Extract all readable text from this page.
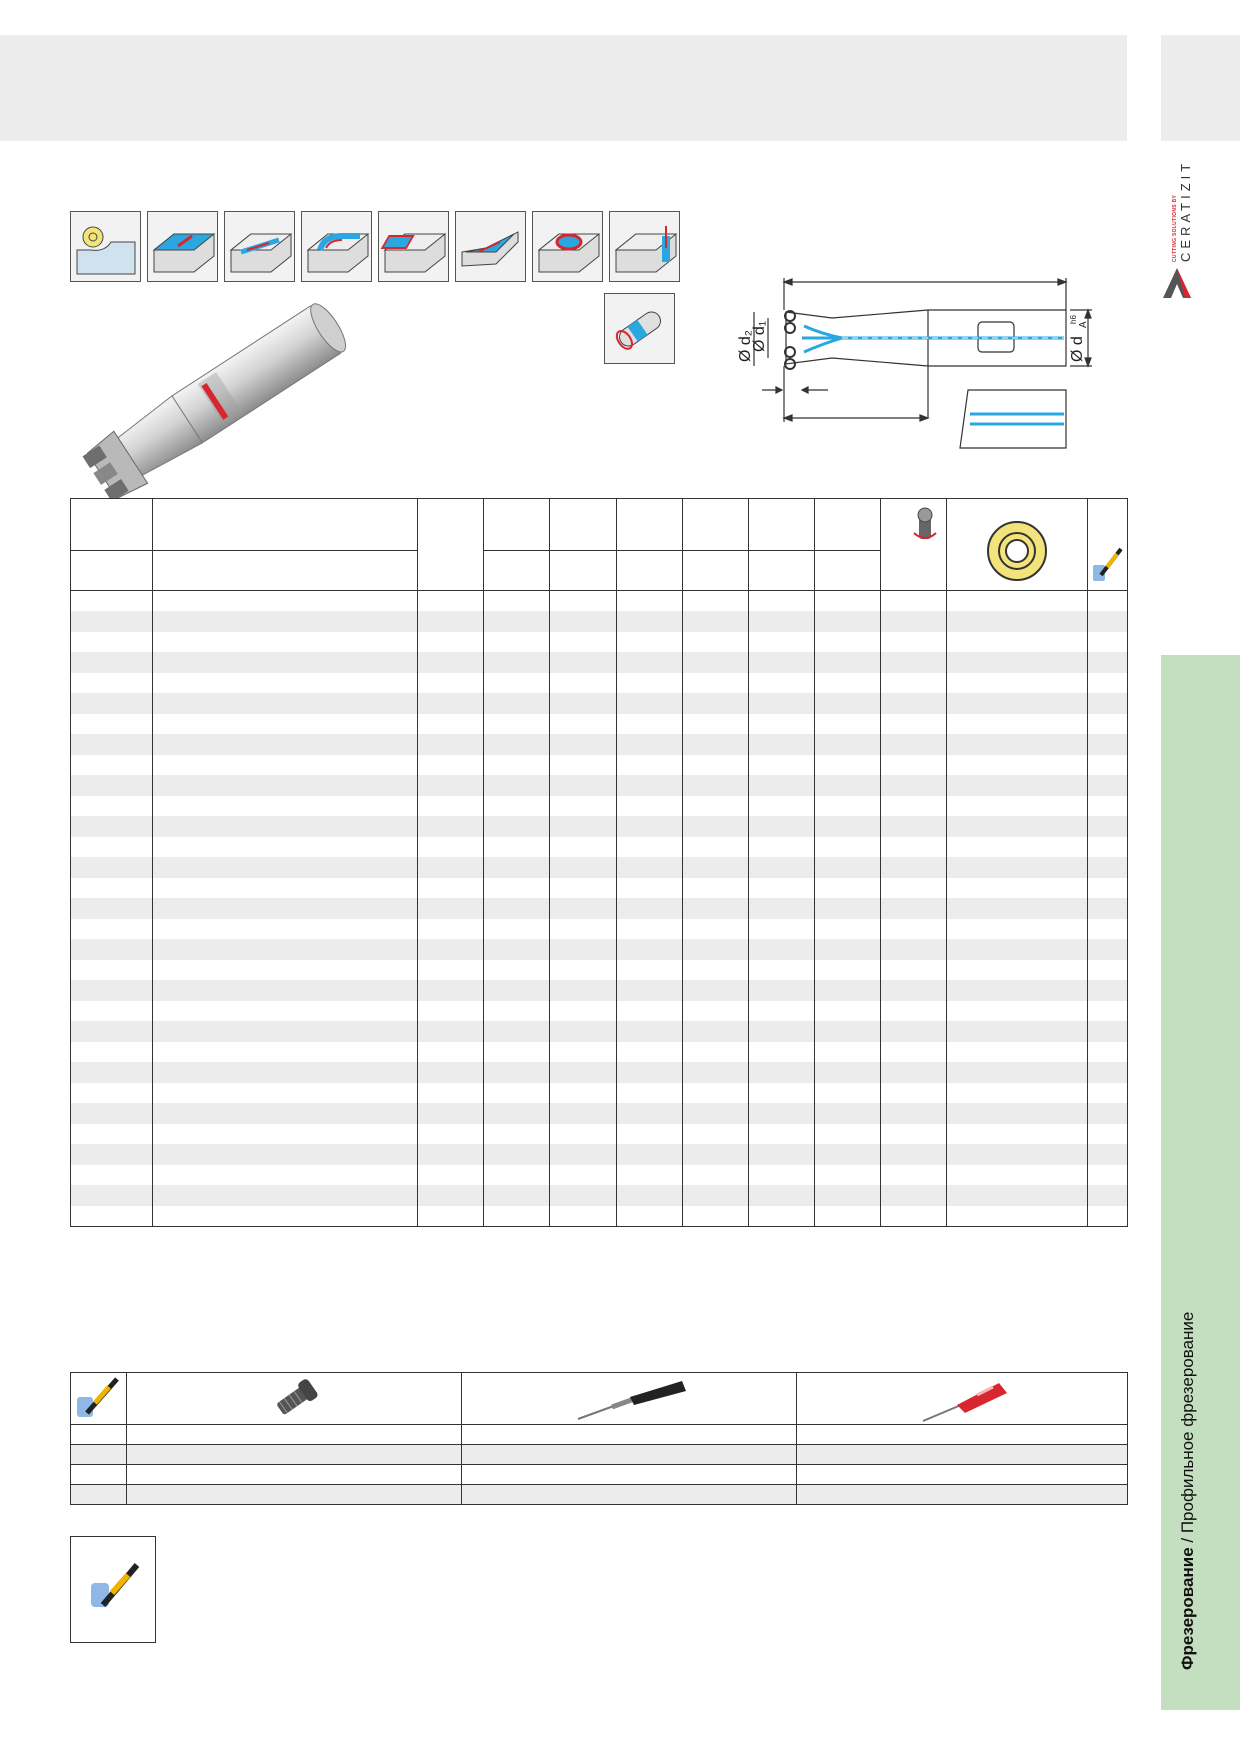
CUTTING SOLUTIONS BY CERATIZIT
Фрезерование / Профильное фрезерование
Ø d₂
Ø d₁	Ø d
A
h6
